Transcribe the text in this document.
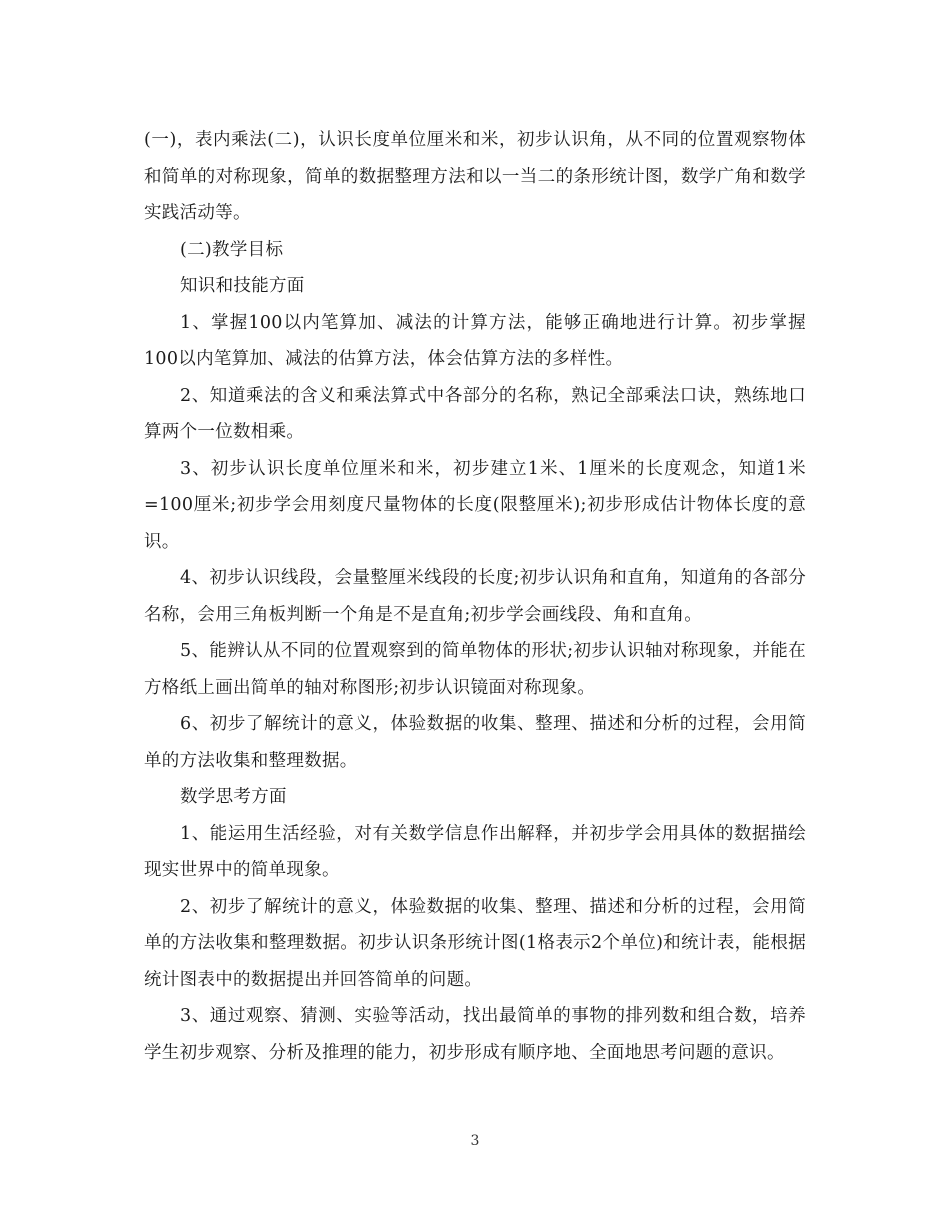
(一)，表内乘法(二)，认识长度单位厘米和米，初步认识角，从不同的位置观察物体和简单的对称现象，简单的数据整理方法和以一当二的条形统计图，数学广角和数学实践活动等。

(二)教学目标

知识和技能方面

1、掌握100以内笔算加、减法的计算方法，能够正确地进行计算。初步掌握100以内笔算加、减法的估算方法，体会估算方法的多样性。

2、知道乘法的含义和乘法算式中各部分的名称，熟记全部乘法口诀，熟练地口算两个一位数相乘。

3、初步认识长度单位厘米和米，初步建立1米、1厘米的长度观念，知道1米=100厘米;初步学会用刻度尺量物体的长度(限整厘米);初步形成估计物体长度的意识。

4、初步认识线段，会量整厘米线段的长度;初步认识角和直角，知道角的各部分名称，会用三角板判断一个角是不是直角;初步学会画线段、角和直角。

5、能辨认从不同的位置观察到的简单物体的形状;初步认识轴对称现象，并能在方格纸上画出简单的轴对称图形;初步认识镜面对称现象。

6、初步了解统计的意义，体验数据的收集、整理、描述和分析的过程，会用简单的方法收集和整理数据。

数学思考方面

1、能运用生活经验，对有关数学信息作出解释，并初步学会用具体的数据描绘现实世界中的简单现象。

2、初步了解统计的意义，体验数据的收集、整理、描述和分析的过程，会用简单的方法收集和整理数据。初步认识条形统计图(1格表示2个单位)和统计表，能根据统计图表中的数据提出并回答简单的问题。

3、通过观察、猜测、实验等活动，找出最简单的事物的排列数和组合数，培养学生初步观察、分析及推理的能力，初步形成有顺序地、全面地思考问题的意识。

3
